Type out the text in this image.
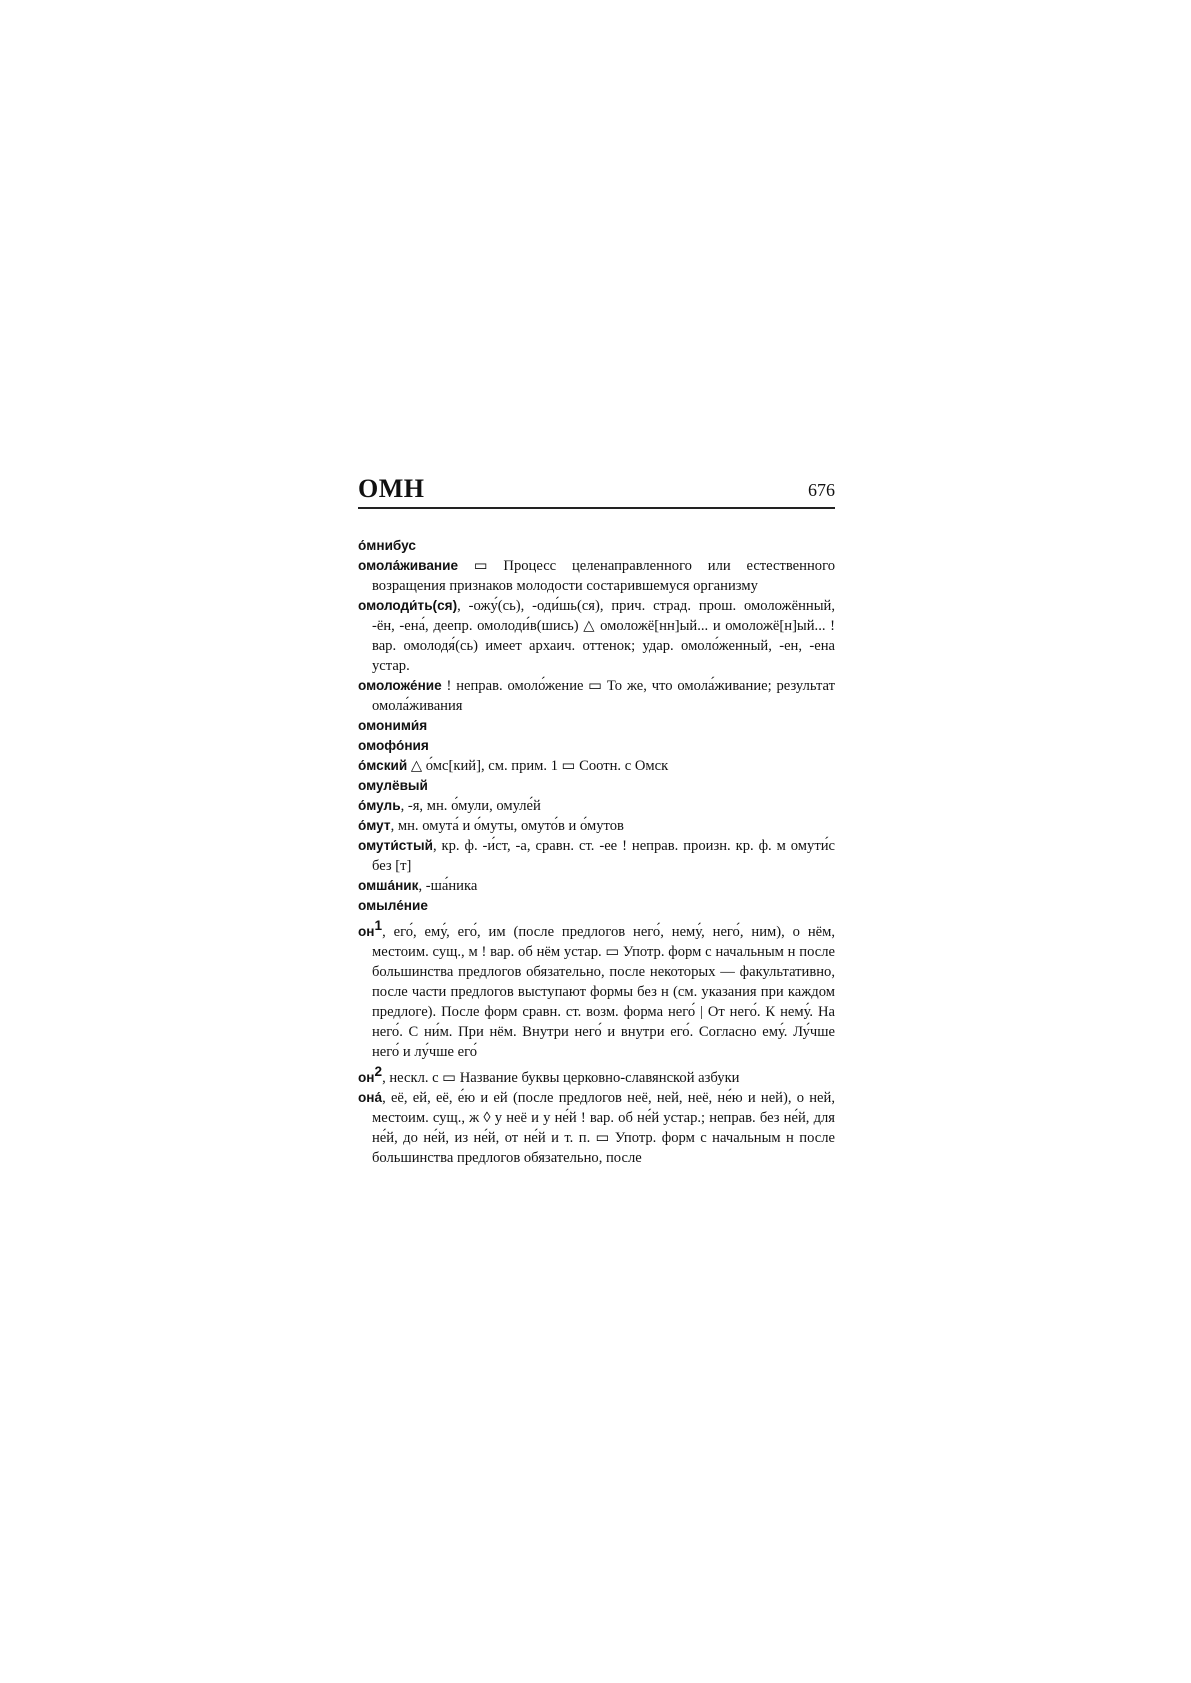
ОМН	676

о́мнибус

омола́живание ▭ Процесс целенаправленного или естественного возращения признаков молодости состарившемуся организму

омолоди́ть(ся), -ожу́(сь), -оди́шь(ся), прич. страд. прош. омоложённый, -ён, -ена́, деепр. омолоди́в(шись) △ омоложё[нн]ый... и омоложё[н]ый... ! вар. омолодя́(сь) имеет архаич. оттенок; удар. омоло́женный, -ен, -ена устар.

омоложе́ние ! неправ. омоло́жение ▭ То же, что омола́живание; результат омола́живания

омоними́я

омофо́ния

о́мский △ о́мс[кий], см. прим. 1 ▭ Соотн. с Омск

омулёвый

о́муль, -я, мн. о́мули, омуле́й

о́мут, мн. омута́ и о́муты, омуто́в и о́мутов

омути́стый, кр. ф. -и́ст, -а, сравн. ст. -ее ! неправ. произн. кр. ф. м омути́с без [т]

омша́ник, -ша́ника

омыле́ние

$он^1$, его́, ему́, его́, им (после предлогов него́, нему́, него́, ним), о нём, местоим. сущ., м ! вар. об нём устар. ▭ Употр. форм с начальным н после большинства предлогов обязательно, после некоторых — факультативно, после части предлогов выступают формы без н (см. указания при каждом предлоге). После форм сравн. ст. возм. форма него́ | От него́. К нему́. На него́. С ни́м. При нём. Внутри него́ и внутри его́. Согласно ему́. Лу́чше него́ и лу́чше его́

$он^2$, нескл. с ▭ Название буквы церковно-славянской азбуки

она́, её, ей, её, е́ю и ей (после предлогов неё, ней, неё, не́ю и ней), о ней, местоим. сущ., ж ◊ у неё и у не́й ! вар. об не́й устар.; неправ. без не́й, для не́й, до не́й, из не́й, от не́й и т. п. ▭ Употр. форм с начальным н после большинства предлогов обязательно, после
